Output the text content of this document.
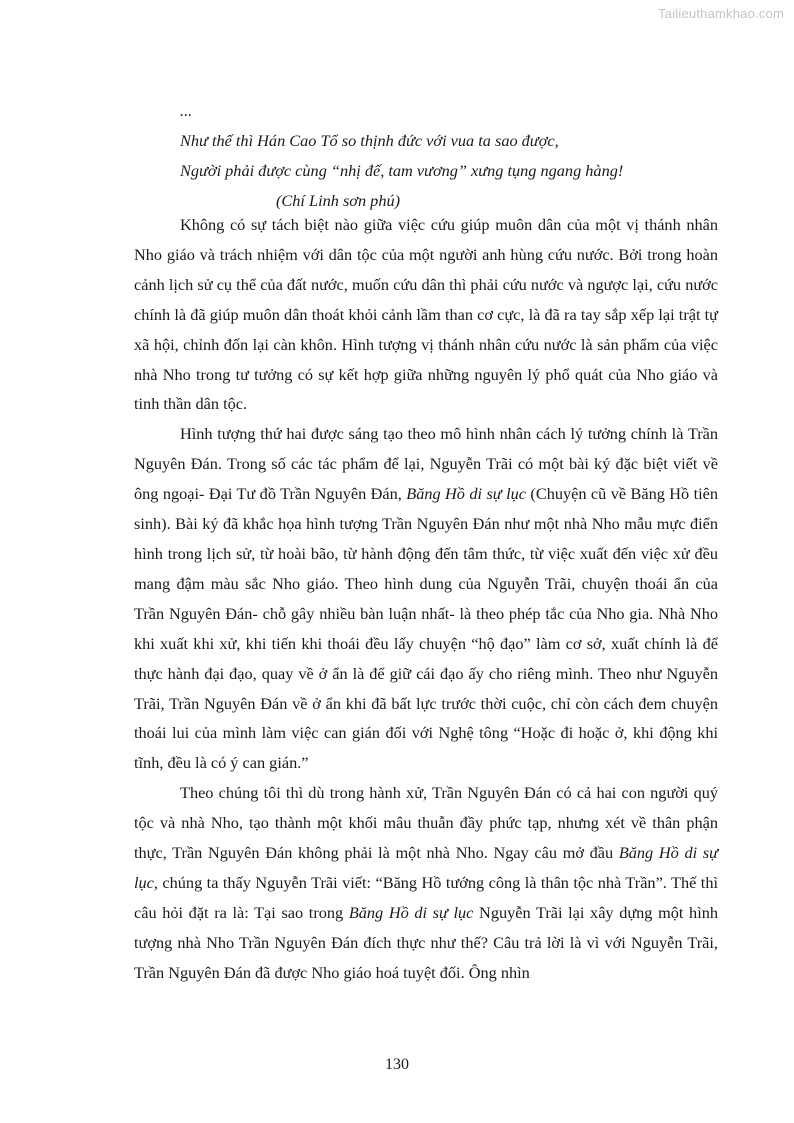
Tailieuthamkhao.com
...
Như thế thì Hán Cao Tổ so thịnh đức với vua ta sao được,
Người phải được cùng “nhị đế, tam vương” xưng tụng ngang hàng!
(Chí Linh sơn phú)

Không có sự tách biệt nào giữa việc cứu giúp muôn dân của một vị thánh nhân Nho giáo và trách nhiệm với dân tộc của một người anh hùng cứu nước. Bởi trong hoàn cảnh lịch sử cụ thể của đất nước, muốn cứu dân thì phải cứu nước và ngược lại, cứu nước chính là đã giúp muôn dân thoát khỏi cảnh lầm than cơ cực, là đã ra tay sắp xếp lại trật tự xã hội, chỉnh đốn lại càn khôn. Hình tượng vị thánh nhân cứu nước là sản phẩm của việc nhà Nho trong tư tưởng có sự kết hợp giữa những nguyên lý phổ quát của Nho giáo và tinh thần dân tộc.

Hình tượng thứ hai được sáng tạo theo mô hình nhân cách lý tưởng chính là Trần Nguyên Đán. Trong số các tác phẩm để lại, Nguyễn Trãi có một bài ký đặc biệt viết về ông ngoại- Đại Tư đồ Trần Nguyên Đán, Băng Hồ di sự lục (Chuyện cũ về Băng Hồ tiên sinh). Bài ký đã khắc họa hình tượng Trần Nguyên Đán như một nhà Nho mẫu mực điển hình trong lịch sử, từ hoài bão, từ hành động đến tâm thức, từ việc xuất đến việc xử đều mang đậm màu sắc Nho giáo. Theo hình dung của Nguyễn Trãi, chuyện thoái ẩn của Trần Nguyên Đán- chỗ gây nhiều bàn luận nhất- là theo phép tắc của Nho gia. Nhà Nho khi xuất khi xử, khi tiến khi thoái đều lấy chuyện “hộ đạo” làm cơ sở, xuất chính là để thực hành đại đạo, quay về ở ẩn là để giữ cái đạo ấy cho riêng mình. Theo như Nguyễn Trãi, Trần Nguyên Đán về ở ẩn khi đã bất lực trước thời cuộc, chỉ còn cách đem chuyện thoái lui của mình làm việc can gián đối với Nghệ tông “Hoặc đi hoặc ở, khi động khi tĩnh, đều là có ý can gián.”

Theo chúng tôi thì dù trong hành xử, Trần Nguyên Đán có cả hai con người quý tộc và nhà Nho, tạo thành một khối mâu thuẫn đầy phức tạp, nhưng xét về thân phận thực, Trần Nguyên Đán không phải là một nhà Nho. Ngay câu mở đầu Băng Hồ di sự lục, chúng ta thấy Nguyễn Trãi viết: “Băng Hồ tướng công là thân tộc nhà Trần”. Thế thì câu hỏi đặt ra là: Tại sao trong Băng Hồ di sự lục Nguyễn Trãi lại xây dựng một hình tượng nhà Nho Trần Nguyên Đán đích thực như thế? Câu trả lời là vì với Nguyễn Trãi, Trần Nguyên Đán đã được Nho giáo hoá tuyệt đối. Ông nhìn

130
